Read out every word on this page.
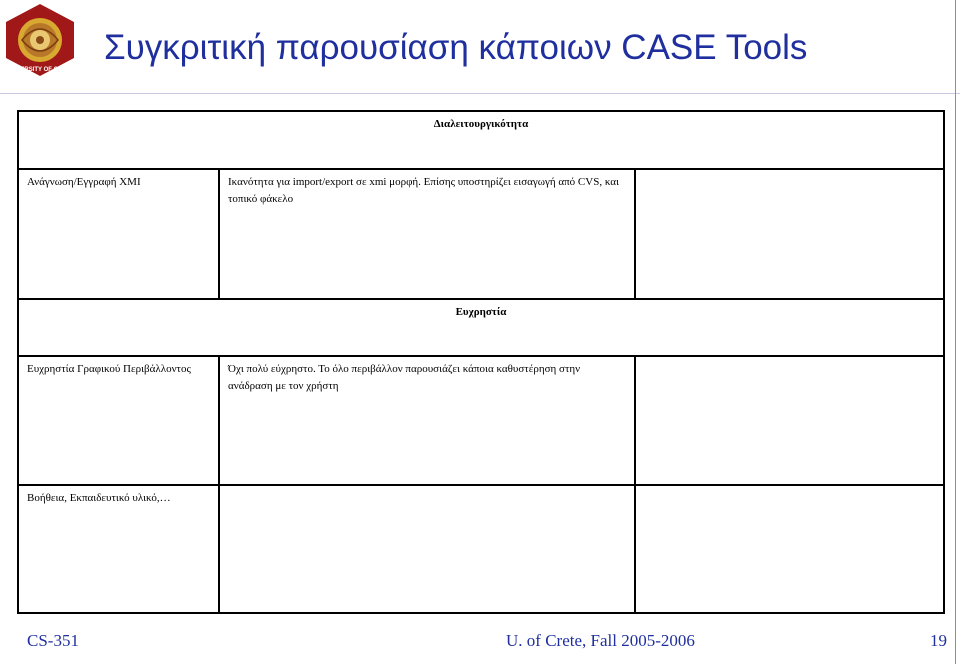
UNIVERSITY OF CRETE
Συγκριτική παρουσίαση κάποιων CASE Tools
Διαλειτουργικότητα		
Ανάγνωση/Εγγραφή XMI	Ικανότητα για import/export σε xmi μορφή. Επίσης υποστηρίζει εισαγωγή από CVS, και τοπικό φάκελο	
Ευχρηστία		
Ευχρηστία Γραφικού Περιβάλλοντος	Όχι πολύ εύχρηστο. Το όλο περιβάλλον παρουσιάζει κάποια καθυστέρηση στην ανάδραση με τον χρήστη	
Βοήθεια, Εκπαιδευτικό υλικό,…		
CS-351	U. of Crete, Fall 2005-2006	19
